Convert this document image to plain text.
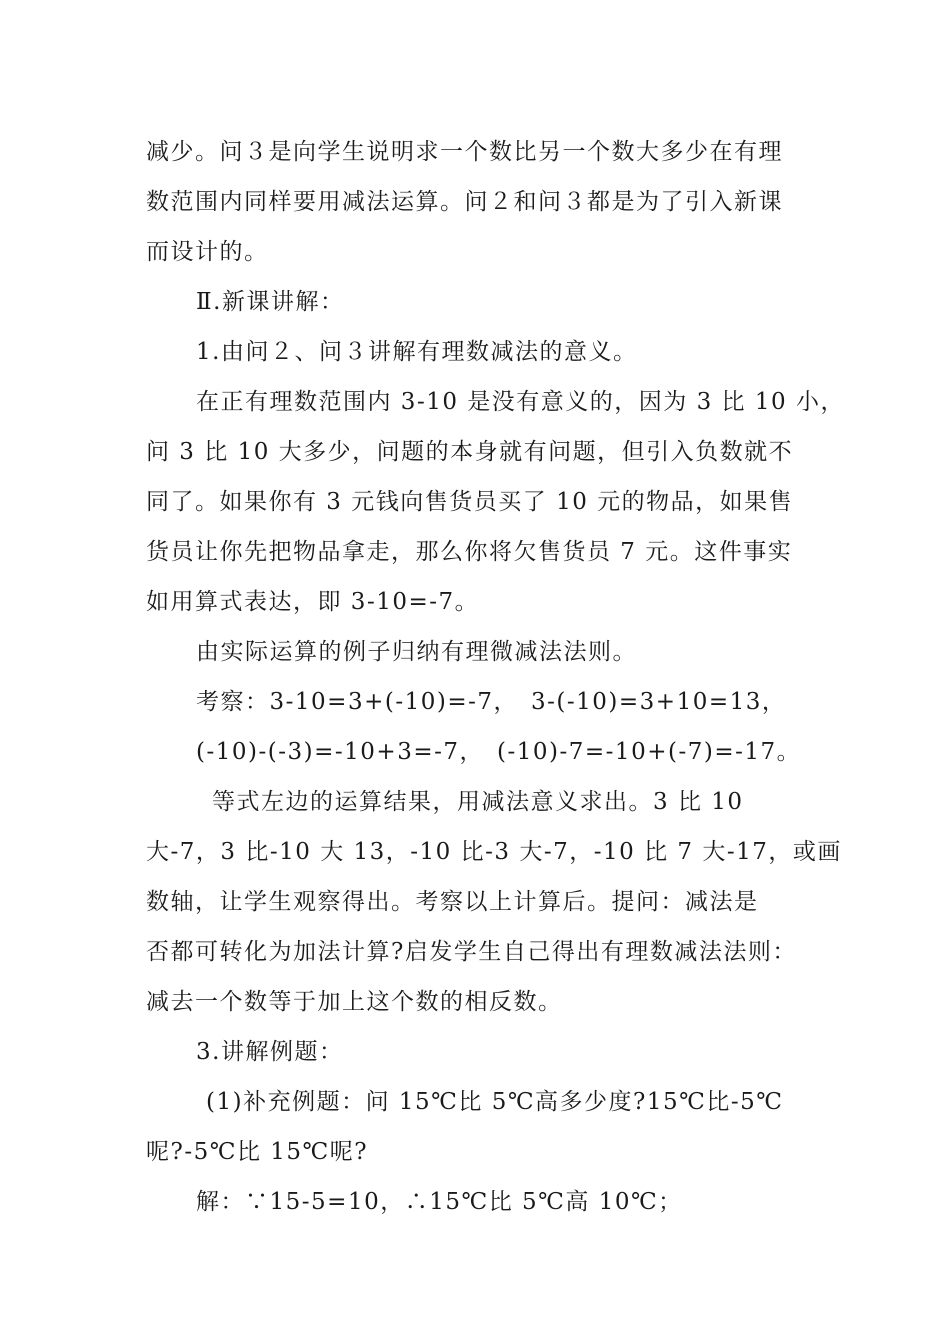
减少。问３是向学生说明求一个数比另一个数大多少在有理
数范围内同样要用减法运算。问２和问３都是为了引入新课
而设计的。
Ⅱ.新课讲解：
1.由问２、问３讲解有理数减法的意义。
在正有理数范围内 3-10 是没有意义的，因为 3 比 10 小，
问 3 比 10 大多少，问题的本身就有问题，但引入负数就不
同了。如果你有 3 元钱向售货员买了 10 元的物品，如果售
货员让你先把物品拿走，那么你将欠售货员 7 元。这件事实
如用算式表达，即 3-10=-7。
由实际运算的例子归纳有理微减法法则。
考察：3-10=3+(-10)=-7，　3-(-10)=3+10=13，
(-10)-(-3)=-10+3=-7，　(-10)-7=-10+(-7)=-17。
等式左边的运算结果，用减法意义求出。3 比 10
大-7，3 比-10 大 13，-10 比-3 大-7，-10 比 7 大-17，或画
数轴，让学生观察得出。考察以上计算后。提问：减法是
否都可转化为加法计算?启发学生自己得出有理数减法法则：
减去一个数等于加上这个数的相反数。
3.讲解例题：
(1)补充例题：问 15℃比 5℃高多少度?15℃比-5℃
呢?-5℃比 15℃呢?
解：∵15-5=10，∴15℃比 5℃高 10℃；
